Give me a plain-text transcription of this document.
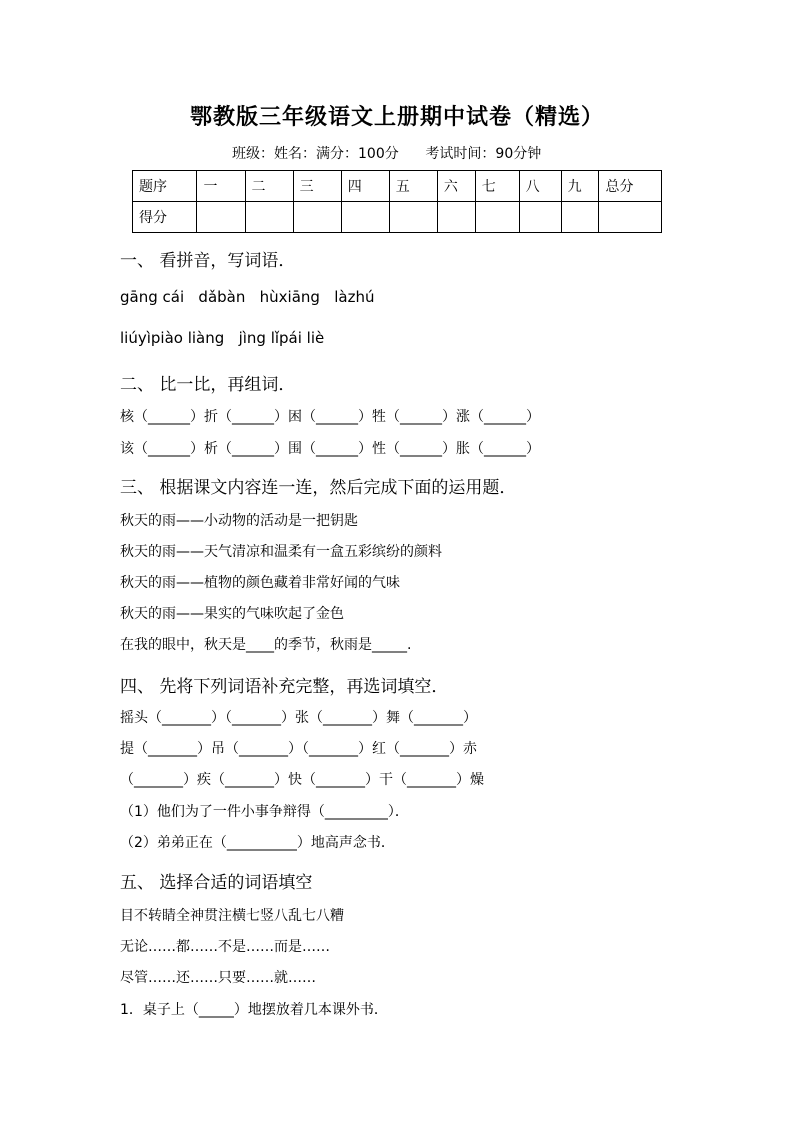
鄂教版三年级语文上册期中试卷（精选）
班级：姓名：满分：100分      考试时间：90分钟
题序	一	二	三	四	五	六	七	八	九	总分
得分										
一、 看拼音，写词语．
gāng cái   dǎbàn   hùxiāng   làzhú
liúyìpiào liàng   jìng lǐpái liè
二、 比一比，再组词．
核（______）折（______）困（______）牲（______）涨（______）
该（______）析（______）围（______）性（______）胀（______）
三、 根据课文内容连一连，然后完成下面的运用题．
秋天的雨——小动物的活动是一把钥匙
秋天的雨——天气清凉和温柔有一盒五彩缤纷的颜料
秋天的雨——植物的颜色藏着非常好闻的气味
秋天的雨——果实的气味吹起了金色
在我的眼中，秋天是____的季节，秋雨是_____.
四、 先将下列词语补充完整，再选词填空．
摇头（_______）（_______）张（_______）舞（_______）
提（_______）吊（_______）（_______）红（_______）赤
（_______）疾（_______）快（_______）干（_______）燥
（1）他们为了一件小事争辩得（_________）．
（2）弟弟正在（__________）地高声念书．
五、 选择合适的词语填空
目不转睛全神贯注横七竖八乱七八糟
无论……都……不是……而是……
尽管……还……只要……就……
1．桌子上（_____）地摆放着几本课外书．
